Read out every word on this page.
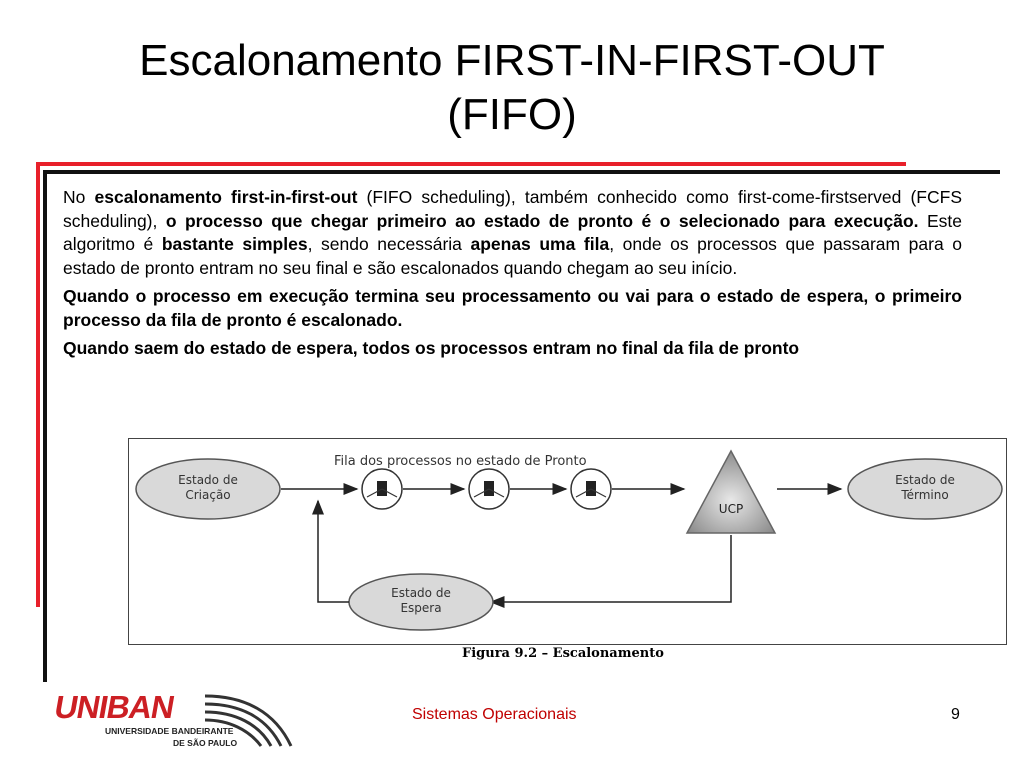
Escalonamento FIRST-IN-FIRST-OUT
(FIFO)

No escalonamento first-in-first-out (FIFO scheduling), também conhecido como first-come-firstserved (FCFS scheduling), o processo que chegar primeiro ao estado de pronto é o selecionado para execução. Este algoritmo é bastante simples, sendo necessária apenas uma fila, onde os processos que passaram para o estado de pronto entram no seu final e são escalonados quando chegam ao seu início.

Quando o processo em execução termina seu processamento ou vai para o estado de espera, o primeiro processo da fila de pronto é escalonado.

Quando saem do estado de espera, todos os processos entram no final da fila de pronto

Fila dos processos no estado de Pronto
Estado de
Criação
UCP
Estado de
Término
Estado de
Espera
Figura 9.2 – Escalonamento
UNIBAN
UNIVERSIDADE BANDEIRANTE
DE SÃO PAULO
Sistemas Operacionais	9
